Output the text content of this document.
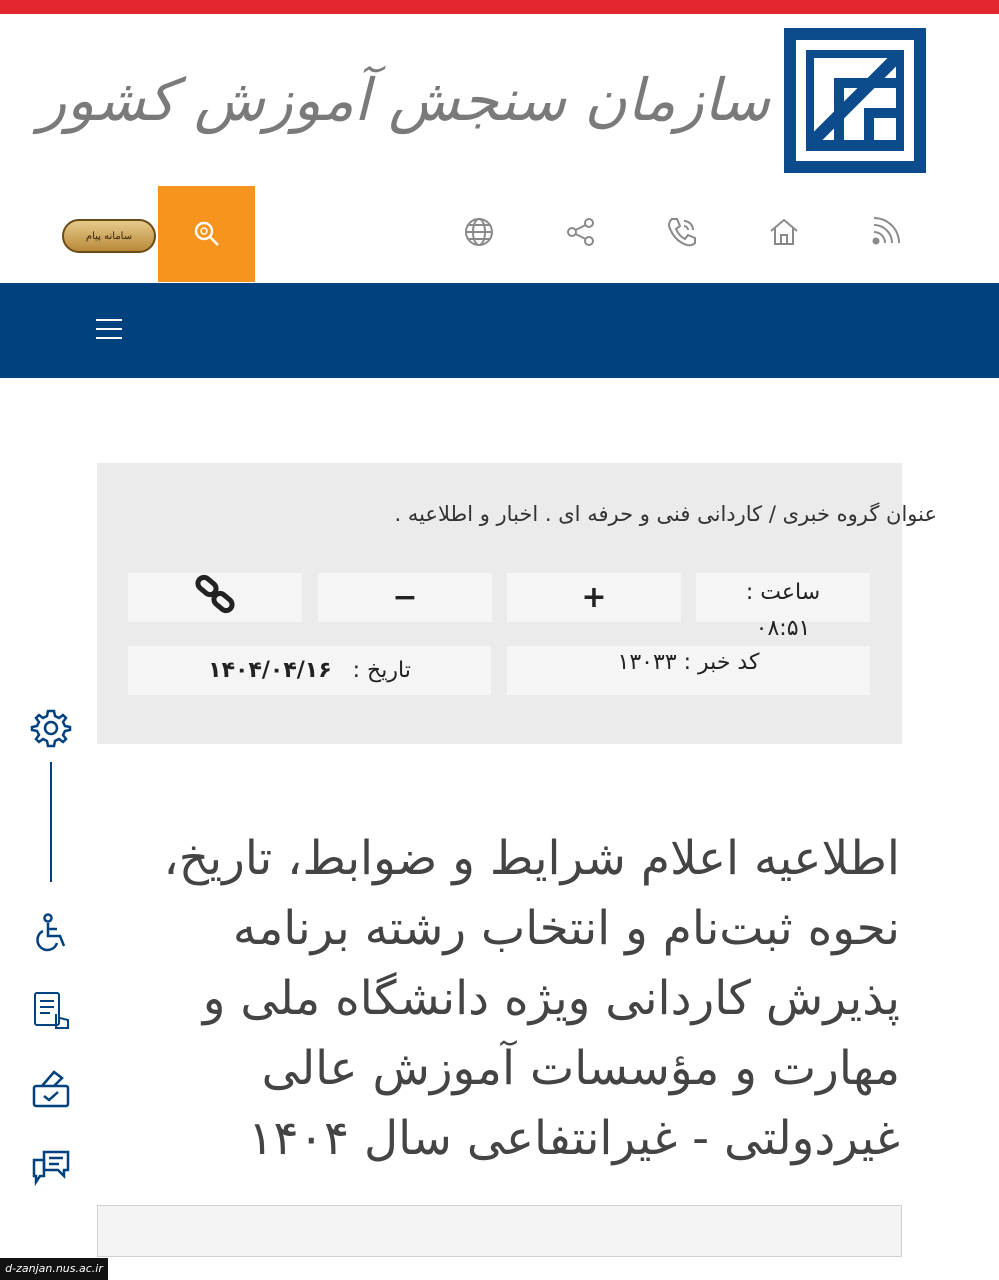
سازمان سنجش آموزش کشور
سامانه پیام
عنوان گروه خبری / کاردانی فنی و حرفه ای . اخبار و اطلاعیه .
ساعت :
۰۸:۵۱
+
−
کد خبر : ۱۳۰۳۳
تاریخ : ۱۴۰۴/۰۴/۱۶
اطلاعیه اعلام شرایط و ضوابط، تاریخ، نحوه ثبت‌نام و انتخاب رشته برنامه پذیرش کاردانی ویژه دانشگاه ملی و مهارت و مؤسسات آموزش عالی غیردولتی - غیرانتفاعی سال ۱۴۰۴
d-zanjan.nus.ac.ir
